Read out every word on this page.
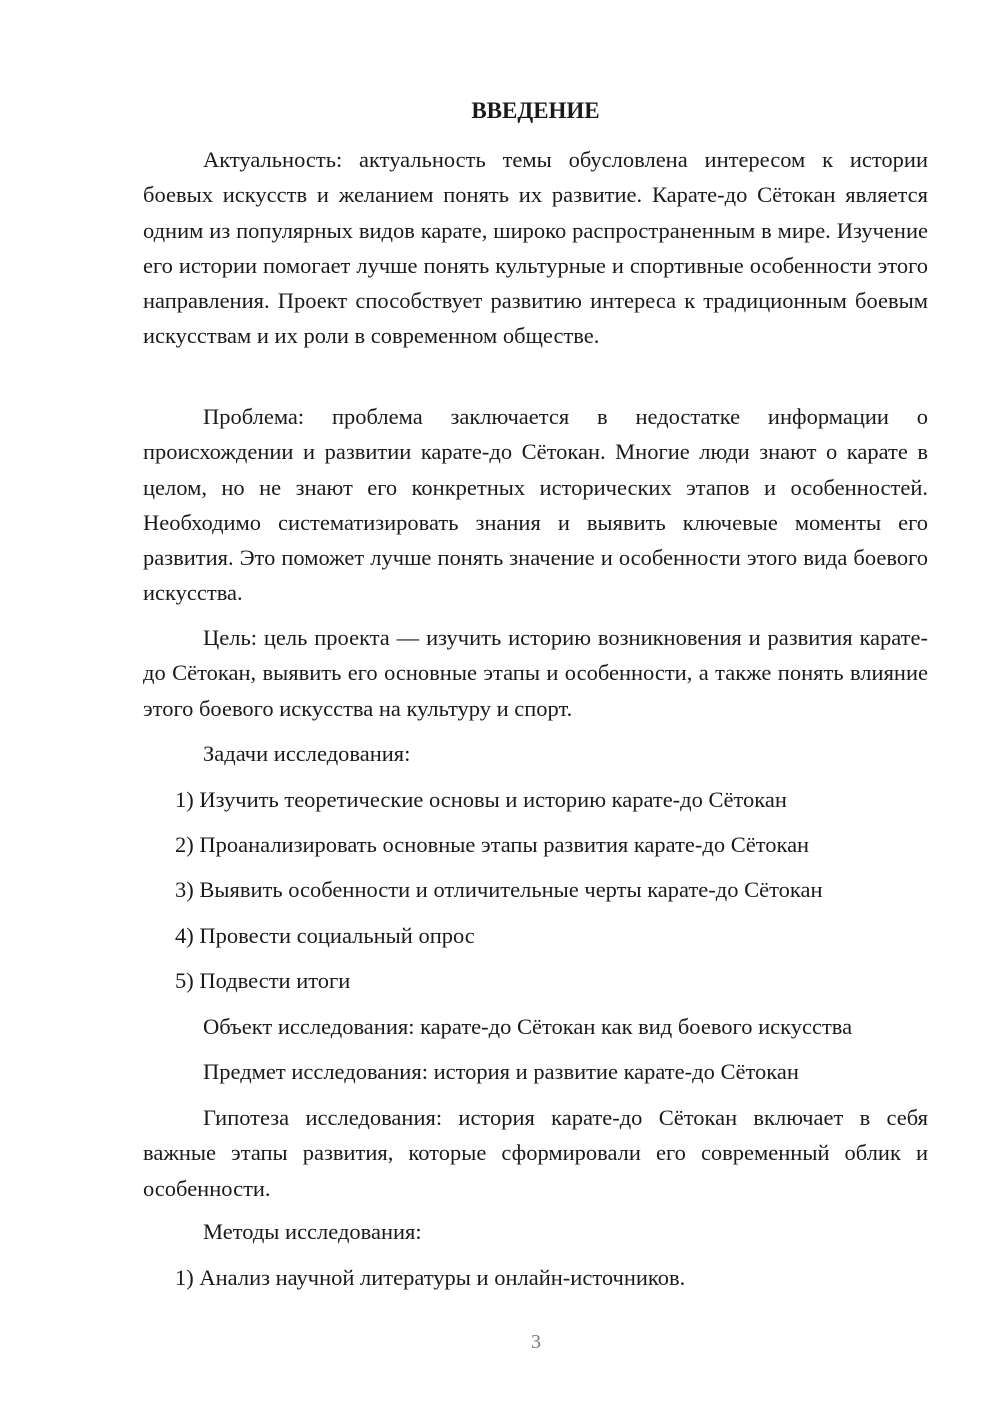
ВВЕДЕНИЕ

Актуальность: актуальность темы обусловлена интересом к истории боевых искусств и желанием понять их развитие. Карате-до Сётокан является одним из популярных видов карате, широко распространенным в мире. Изучение его истории помогает лучше понять культурные и спортивные особенности этого направления. Проект способствует развитию интереса к традиционным боевым искусствам и их роли в современном обществе.

Проблема: проблема заключается в недостатке информации о происхождении и развитии карате-до Сётокан. Многие люди знают о карате в целом, но не знают его конкретных исторических этапов и особенностей. Необходимо систематизировать знания и выявить ключевые моменты его развития. Это поможет лучше понять значение и особенности этого вида боевого искусства.

Цель: цель проекта — изучить историю возникновения и развития карате-до Сётокан, выявить его основные этапы и особенности, а также понять влияние этого боевого искусства на культуру и спорт.

Задачи исследования:

1) Изучить теоретические основы и историю карате-до Сётокан

2) Проанализировать основные этапы развития карате-до Сётокан

3) Выявить особенности и отличительные черты карате-до Сётокан

4) Провести социальный опрос

5) Подвести итоги

Объект исследования: карате-до Сётокан как вид боевого искусства

Предмет исследования: история и развитие карате-до Сётокан

Гипотеза исследования: история карате-до Сётокан включает в себя важные этапы развития, которые сформировали его современный облик и особенности.

Методы исследования:

1) Анализ научной литературы и онлайн-источников.

3
